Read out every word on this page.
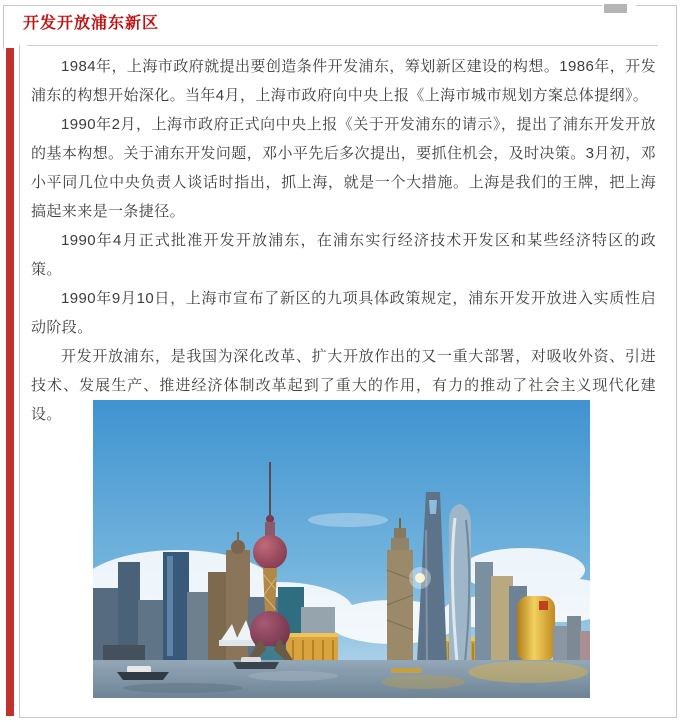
开发开放浦东新区

1984年，上海市政府就提出要创造条件开发浦东，筹划新区建设的构想。1986年，开发浦东的构想开始深化。当年4月，上海市政府向中央上报《上海市城市规划方案总体提纲》。

1990年2月，上海市政府正式向中央上报《关于开发浦东的请示》，提出了浦东开发开放的基本构想。关于浦东开发问题，邓小平先后多次提出，要抓住机会，及时决策。3月初，邓小平同几位中央负责人谈话时指出，抓上海，就是一个大措施。上海是我们的王牌，把上海搞起来来是一条捷径。

1990年4月正式批准开发开放浦东，在浦东实行经济技术开发区和某些经济特区的政策。

1990年9月10日，上海市宣布了新区的九项具体政策规定，浦东开发开放进入实质性启动阶段。

开发开放浦东，是我国为深化改革、扩大开放作出的又一重大部署，对吸收外资、引进技术、发展生产、推进经济体制改革起到了重大的作用，有力的推动了社会主义现代化建设。
